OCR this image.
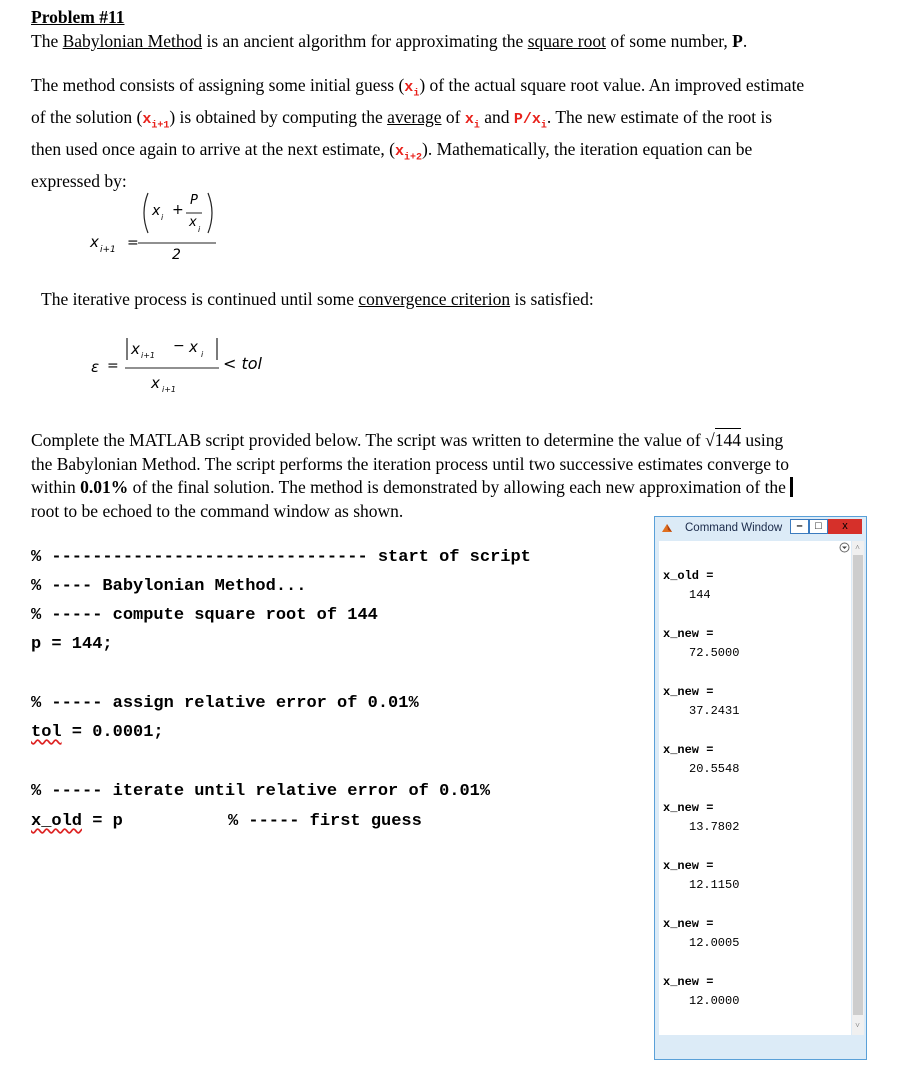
Problem #11
The Babylonian Method is an ancient algorithm for approximating the square root of some number, P.
The method consists of assigning some initial guess $(x_i)$ of the actual square root value. An improved estimate
of the solution $(x_{i+1})$ is obtained by computing the average of $x_i$ and $P/x_i$. The new estimate of the root is
then used once again to arrive at the next estimate, $(x_{i+2})$. Mathematically, the iteration equation can be
expressed by:
x i+1 =
x i +
P
x i
2
The iterative process is continued until some convergence criterion is satisfied:
ε =
x i+1
− x i
x i+1
< tol
Complete the MATLAB script provided below. The script was written to determine the value of √144 using
the Babylonian Method. The script performs the iteration process until two successive estimates converge to
within 0.01% of the final solution. The method is demonstrated by allowing each new approximation of the
root to be echoed to the command window as shown.
% ------------------------------- start of script
% ---- Babylonian Method...
% ----- compute square root of 144
p = 144;
% ----- assign relative error of 0.01%
tol = 0.0001;
% ----- iterate until relative error of 0.01%
x_old = p	% ----- first guess
Command Window	–	□	x
x_old =
144
x_new =
72.5000
x_new =
37.2431
x_new =
20.5548
x_new =
13.7802
x_new =
12.1150
x_new =
12.0005
x_new =
12.0000
˄
˅
